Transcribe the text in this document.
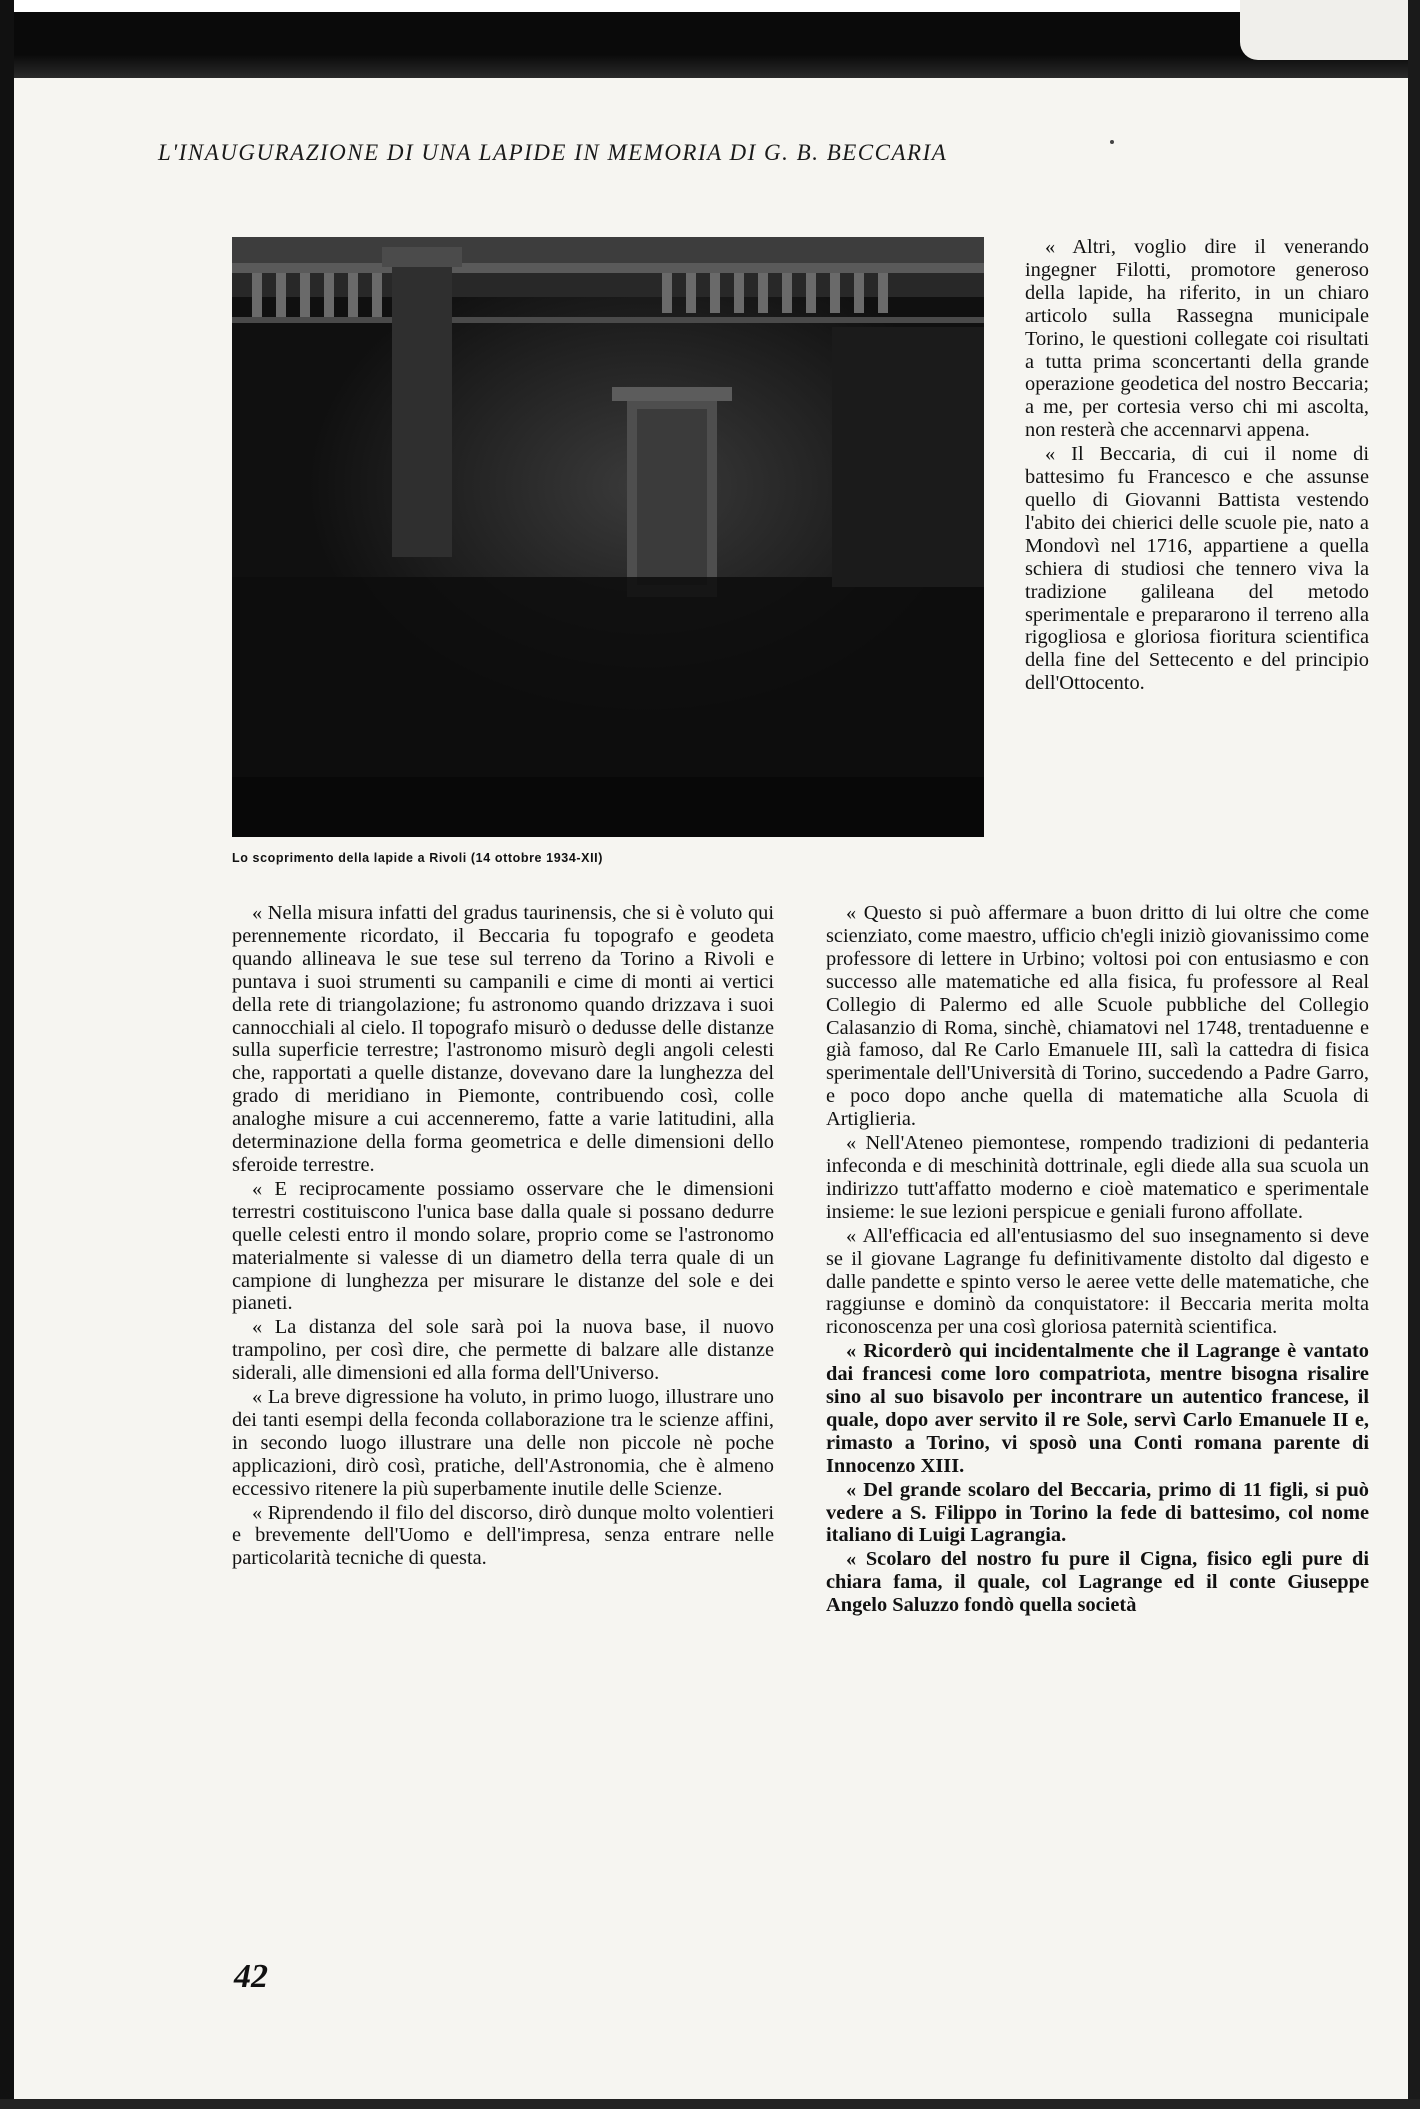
L'INAUGURAZIONE DI UNA LAPIDE IN MEMORIA DI G. B. BECCARIA
Lo scoprimento della lapide a Rivoli (14 ottobre 1934-XII)

« Altri, voglio dire il venerando ingegner Filotti, promotore generoso della lapide, ha riferito, in un chiaro articolo sulla Rassegna municipale Torino, le questioni collegate coi risultati a tutta prima sconcertanti della grande operazione geodetica del nostro Beccaria; a me, per cortesia verso chi mi ascolta, non resterà che accennarvi appena.

« Il Beccaria, di cui il nome di battesimo fu Francesco e che assunse quello di Giovanni Battista vestendo l'abito dei chierici delle scuole pie, nato a Mondovì nel 1716, appartiene a quella schiera di studiosi che tennero viva la tradizione galileana del metodo sperimentale e prepararono il terreno alla rigogliosa e gloriosa fioritura scientifica della fine del Settecento e del principio dell'Ottocento.

« Nella misura infatti del gradus taurinensis, che si è voluto qui perennemente ricordato, il Beccaria fu topografo e geodeta quando allineava le sue tese sul terreno da Torino a Rivoli e puntava i suoi strumenti su campanili e cime di monti ai vertici della rete di triangolazione; fu astronomo quando drizzava i suoi cannocchiali al cielo. Il topografo misurò o dedusse delle distanze sulla superficie terrestre; l'astronomo misurò degli angoli celesti che, rapportati a quelle distanze, dovevano dare la lunghezza del grado di meridiano in Piemonte, contribuendo così, colle analoghe misure a cui accenneremo, fatte a varie latitudini, alla determinazione della forma geometrica e delle dimensioni dello sferoide terrestre.

« E reciprocamente possiamo osservare che le dimensioni terrestri costituiscono l'unica base dalla quale si possano dedurre quelle celesti entro il mondo solare, proprio come se l'astronomo materialmente si valesse di un diametro della terra quale di un campione di lunghezza per misurare le distanze del sole e dei pianeti.

« La distanza del sole sarà poi la nuova base, il nuovo trampolino, per così dire, che permette di balzare alle distanze siderali, alle dimensioni ed alla forma dell'Universo.

« La breve digressione ha voluto, in primo luogo, illustrare uno dei tanti esempi della feconda collaborazione tra le scienze affini, in secondo luogo illustrare una delle non piccole nè poche applicazioni, dirò così, pratiche, dell'Astronomia, che è almeno eccessivo ritenere la più superbamente inutile delle Scienze.

« Riprendendo il filo del discorso, dirò dunque molto volentieri e brevemente dell'Uomo e dell'impresa, senza entrare nelle particolarità tecniche di questa.

« Questo si può affermare a buon dritto di lui oltre che come scienziato, come maestro, ufficio ch'egli iniziò giovanissimo come professore di lettere in Urbino; voltosi poi con entusiasmo e con successo alle matematiche ed alla fisica, fu professore al Real Collegio di Palermo ed alle Scuole pubbliche del Collegio Calasanzio di Roma, sinchè, chiamatovi nel 1748, trentaduenne e già famoso, dal Re Carlo Emanuele III, salì la cattedra di fisica sperimentale dell'Università di Torino, succedendo a Padre Garro, e poco dopo anche quella di matematiche alla Scuola di Artiglieria.

« Nell'Ateneo piemontese, rompendo tradizioni di pedanteria infeconda e di meschinità dottrinale, egli diede alla sua scuola un indirizzo tutt'affatto moderno e cioè matematico e sperimentale insieme: le sue lezioni perspicue e geniali furono affollate.

« All'efficacia ed all'entusiasmo del suo insegnamento si deve se il giovane Lagrange fu definitivamente distolto dal digesto e dalle pandette e spinto verso le aeree vette delle matematiche, che raggiunse e dominò da conquistatore: il Beccaria merita molta riconoscenza per una così gloriosa paternità scientifica.

« Ricorderò qui incidentalmente che il Lagrange è vantato dai francesi come loro compatriota, mentre bisogna risalire sino al suo bisavolo per incontrare un autentico francese, il quale, dopo aver servito il re Sole, servì Carlo Emanuele II e, rimasto a Torino, vi sposò una Conti romana parente di Innocenzo XIII.

« Del grande scolaro del Beccaria, primo di 11 figli, si può vedere a S. Filippo in Torino la fede di battesimo, col nome italiano di Luigi Lagrangia.

« Scolaro del nostro fu pure il Cigna, fisico egli pure di chiara fama, il quale, col Lagrange ed il conte Giuseppe Angelo Saluzzo fondò quella società

42
